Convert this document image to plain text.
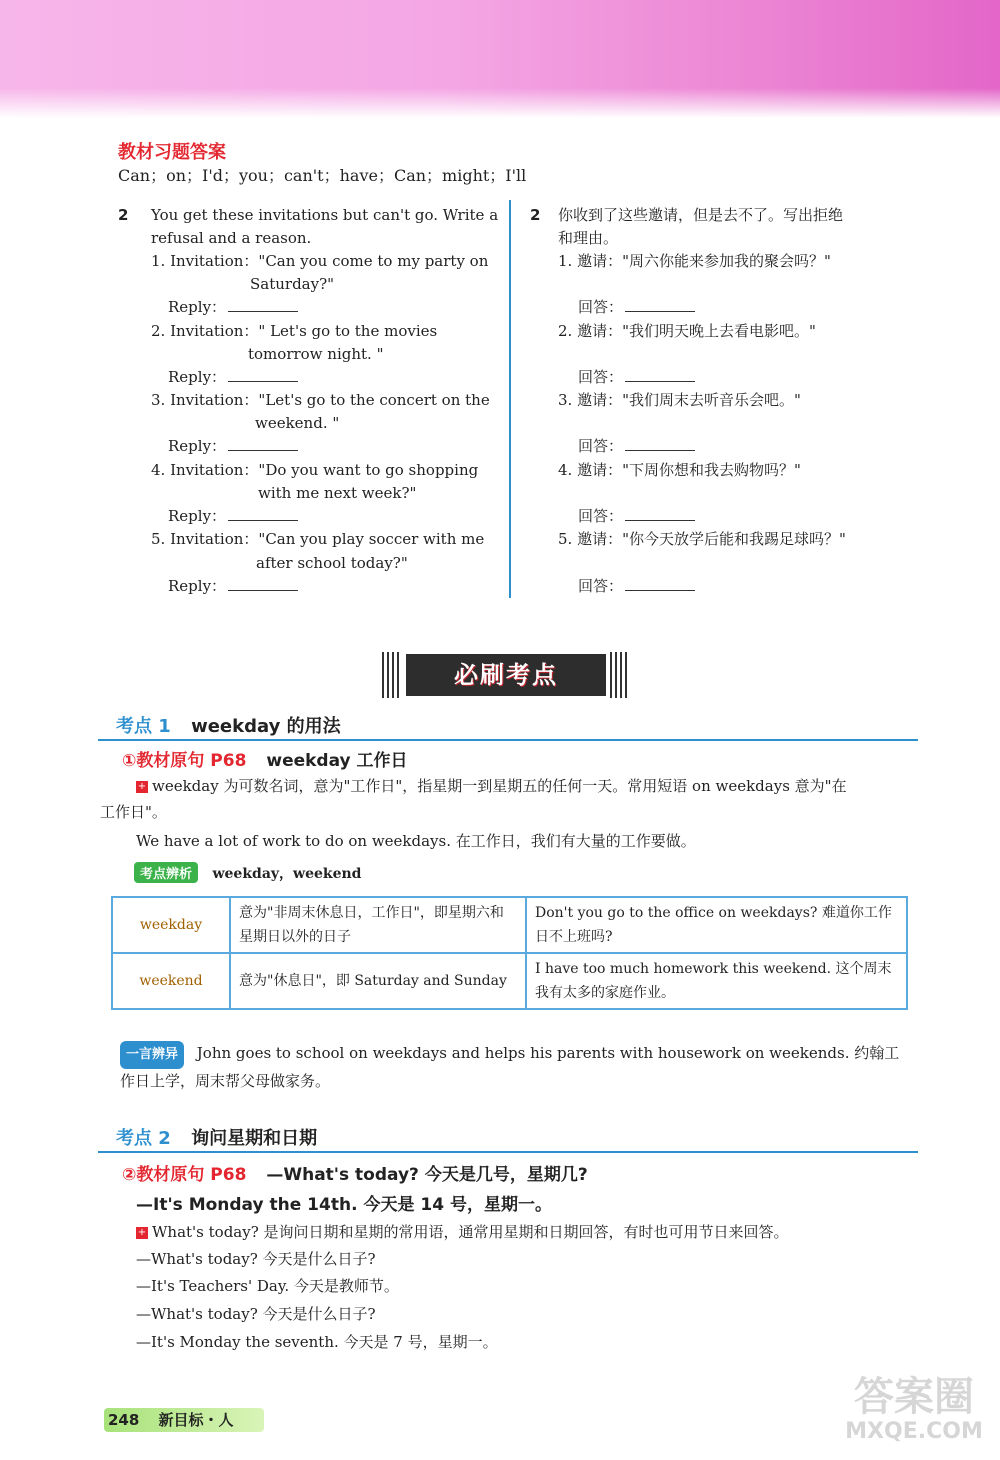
教材习题答案
Can；on；I'd；you；can't；have；Can；might；I'll
2 You get these invitations but can't go. Write a
refusal and a reason.
1. Invitation："Can you come to my party on
Saturday?"
Reply：
2. Invitation：" Let's go to the movies
tomorrow night. "
Reply：
3. Invitation："Let's go to the concert on the
weekend. "
Reply：
4. Invitation："Do you want to go shopping
with me next week?"
Reply：
5. Invitation："Can you play soccer with me
after school today?"
Reply：
2 你收到了这些邀请，但是去不了。写出拒绝
和理由。
1. 邀请："周六你能来参加我的聚会吗？"
回答：
2. 邀请："我们明天晚上去看电影吧。"
回答：
3. 邀请："我们周末去听音乐会吧。"
回答：
4. 邀请："下周你想和我去购物吗？"
回答：
5. 邀请："你今天放学后能和我踢足球吗？"
回答：
必刷考点
考点 1 weekday 的用法
①教材原句 P68 weekday 工作日
+ weekday 为可数名词，意为"工作日"，指星期一到星期五的任何一天。常用短语 on weekdays 意为"在
工作日"。
We have a lot of work to do on weekdays. 在工作日，我们有大量的工作要做。
考点辨析 weekday，weekend
weekday	意为"非周末休息日，工作日"，即星期六和星期日以外的日子	Don't you go to the office on weekdays? 难道你工作日不上班吗?
weekend	意为"休息日"，即 Saturday and Sunday	I have too much homework this weekend. 这个周末我有太多的家庭作业。
一言辨异 John goes to school on weekdays and helps his parents with housework on weekends. 约翰工
作日上学，周末帮父母做家务。
考点 2 询问星期和日期
②教材原句 P68 —What's today? 今天是几号，星期几?
—It's Monday the 14th. 今天是 14 号，星期一。
+ What's today? 是询问日期和星期的常用语，通常用星期和日期回答，有时也可用节日来回答。
—What's today? 今天是什么日子?
—It's Teachers' Day. 今天是教师节。
—What's today? 今天是什么日子?
—It's Monday the seventh. 今天是 7 号，星期一。
248 新目标・人	答案圈
MXQE.COM
